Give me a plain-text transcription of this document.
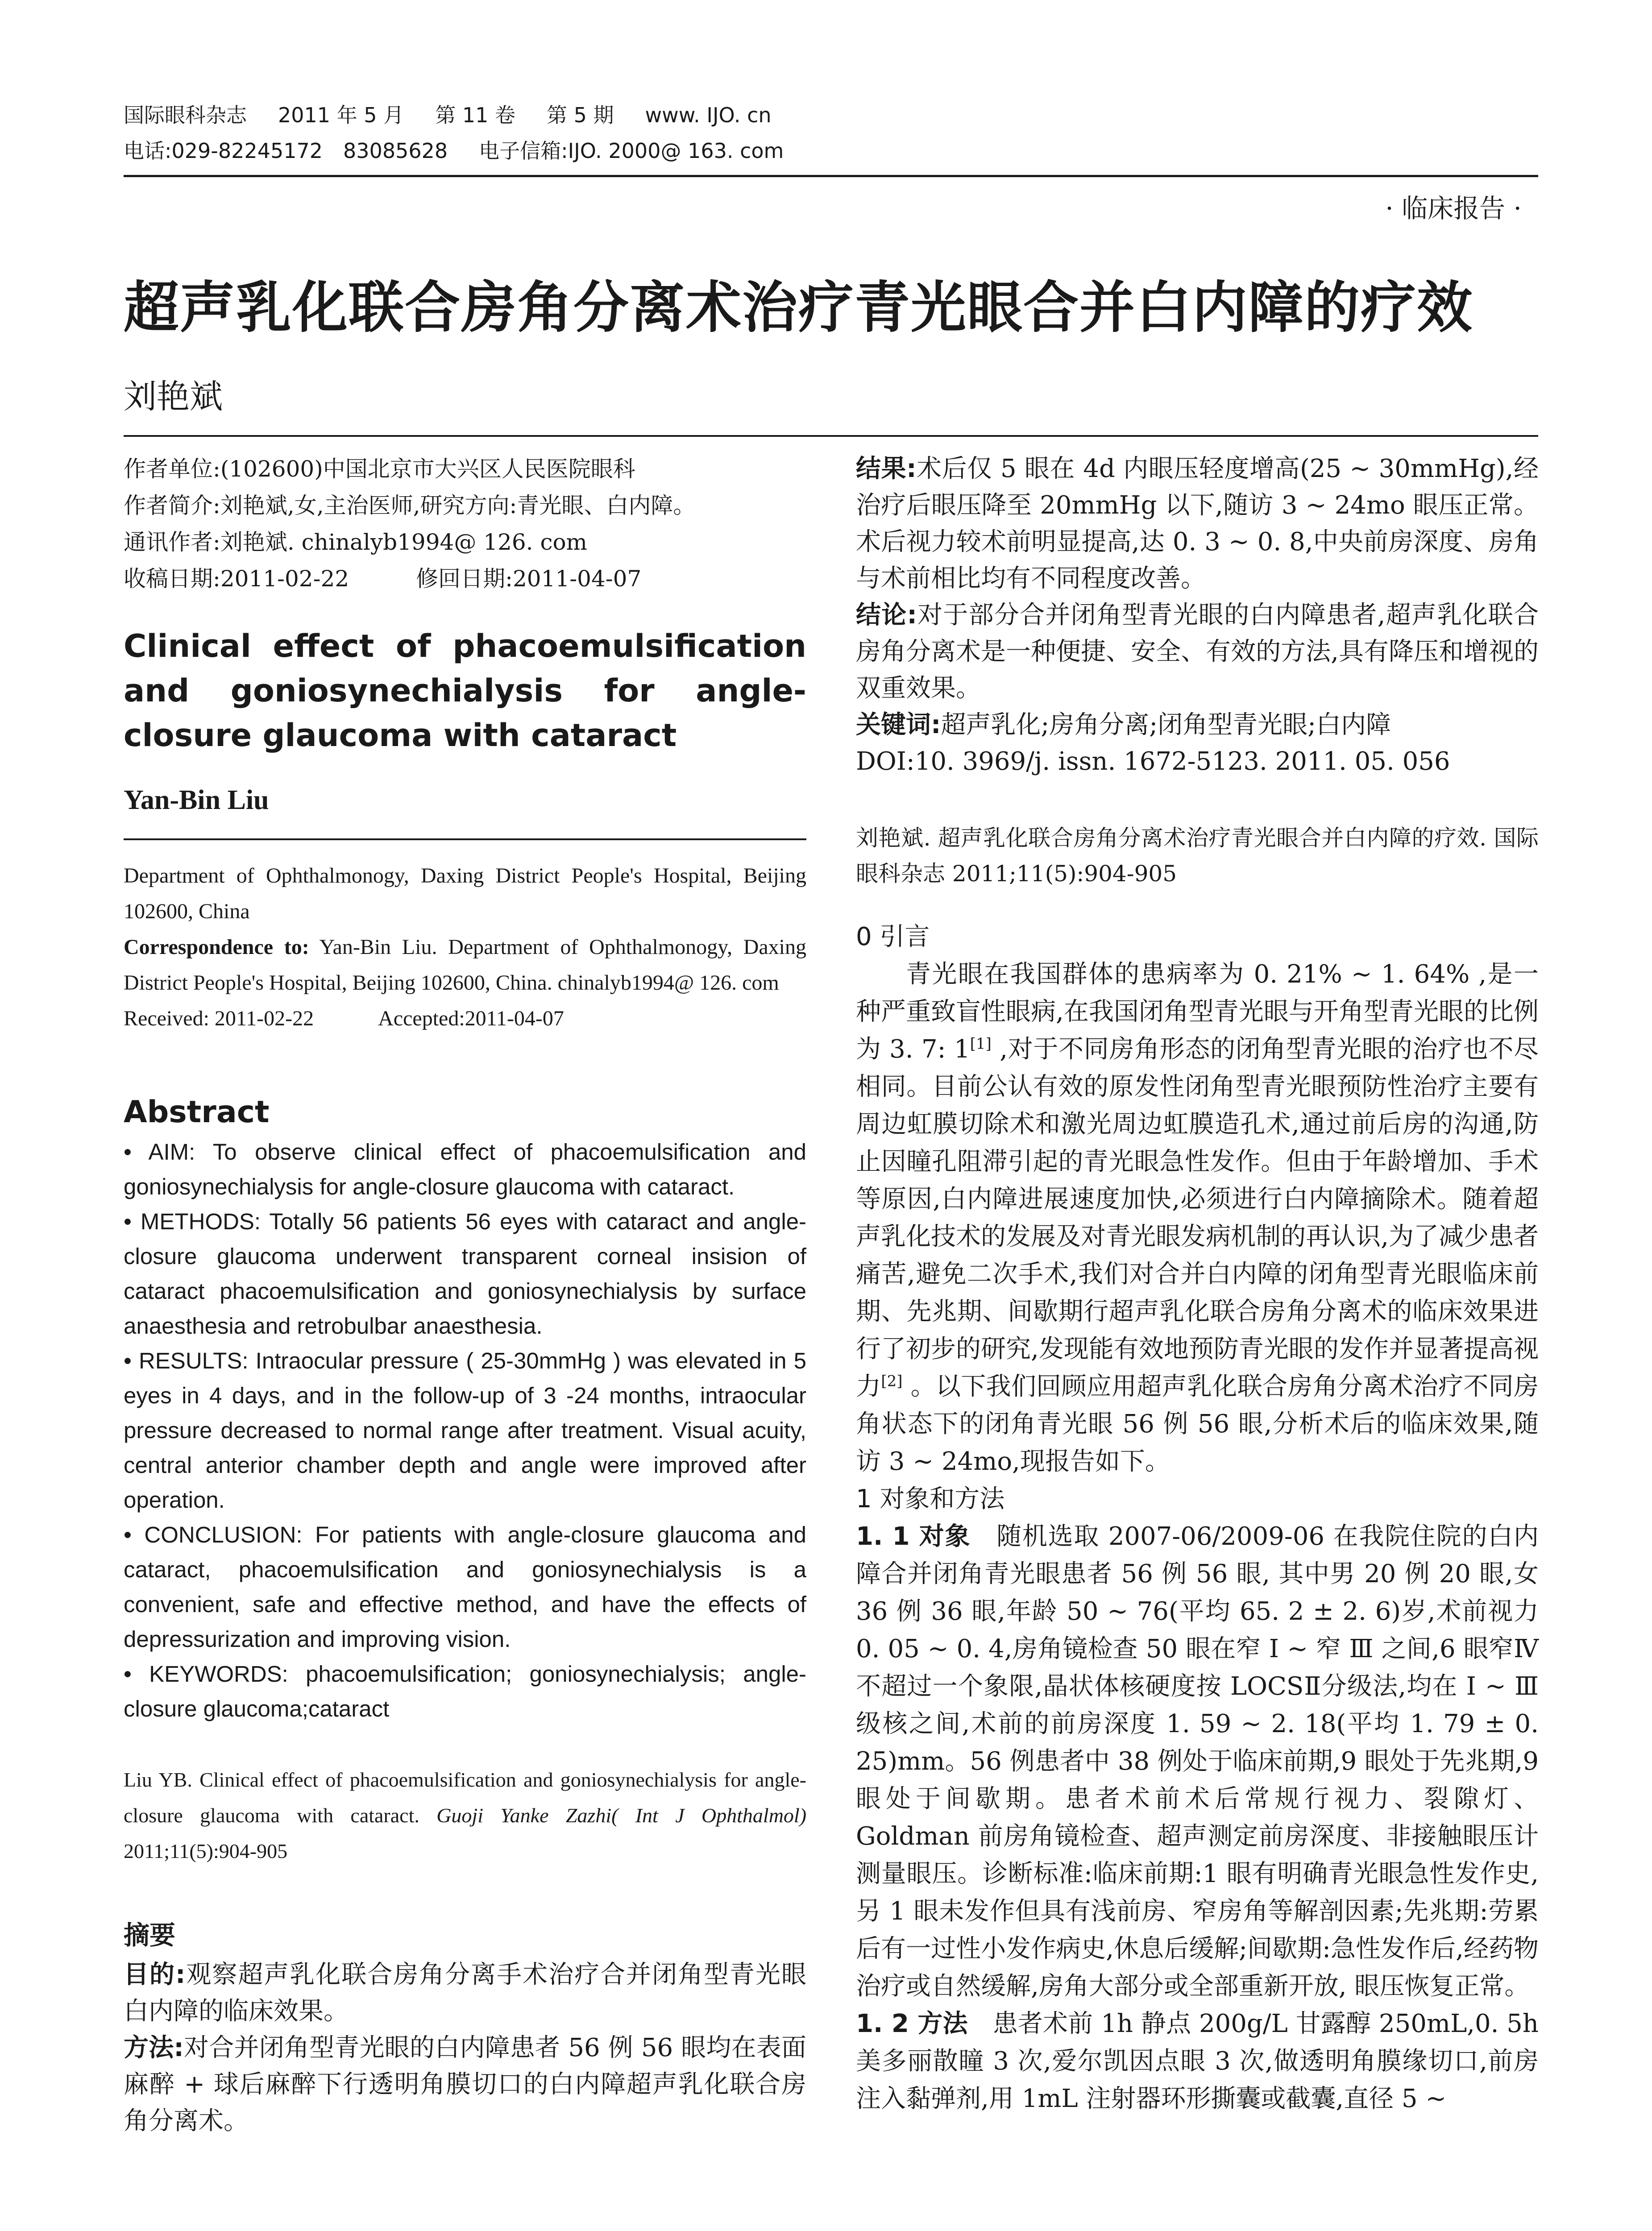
国际眼科杂志 2011 年 5 月 第 11 卷 第 5 期 www. IJO. cn
电话:029-82245172　83085628 电子信箱:IJO. 2000@ 163. com
· 临床报告 ·
超声乳化联合房角分离术治疗青光眼合并白内障的疗效
刘艳斌
作者单位:(102600)中国北京市大兴区人民医院眼科
作者简介:刘艳斌,女,主治医师,研究方向:青光眼、白内障。
通讯作者:刘艳斌. chinalyb1994@ 126. com
收稿日期:2011-02-22　　　	修回日期:2011-04-07
Clinical effect of phacoemulsification and goniosynechialysis for angle-closure glaucoma with cataract
Yan-Bin Liu
Department of Ophthalmonogy, Daxing District People's Hospital, Beijing 102600, China
Correspondence to: Yan-Bin Liu. Department of Ophthalmonogy, Daxing District People's Hospital, Beijing 102600, China. chinalyb1994@ 126. com
Received: 2011-02-22　　　	Accepted:2011-04-07
Abstract
• AIM: To observe clinical effect of phacoemulsification and goniosynechialysis for angle-closure glaucoma with cataract.
• METHODS: Totally 56 patients 56 eyes with cataract and angle-closure glaucoma underwent transparent corneal insision of cataract phacoemulsification and goniosynechialysis by surface anaesthesia and retrobulbar anaesthesia.
• RESULTS: Intraocular pressure ( 25-30mmHg ) was elevated in 5 eyes in 4 days, and in the follow-up of 3 -24 months, intraocular pressure decreased to normal range after treatment. Visual acuity, central anterior chamber depth and angle were improved after operation.
• CONCLUSION: For patients with angle-closure glaucoma and cataract, phacoemulsification and goniosynechialysis is a convenient, safe and effective method, and have the effects of depressurization and improving vision.
• KEYWORDS: phacoemulsification; goniosynechialysis; angle-closure glaucoma;cataract
Liu YB. Clinical effect of phacoemulsification and goniosynechialysis for angle-closure glaucoma with cataract. Guoji Yanke Zazhi( Int J Ophthalmol) 2011;11(5):904-905
摘要
目的:观察超声乳化联合房角分离手术治疗合并闭角型青光眼白内障的临床效果。
方法:对合并闭角型青光眼的白内障患者 56 例 56 眼均在表面麻醉 + 球后麻醉下行透明角膜切口的白内障超声乳化联合房角分离术。
结果:术后仅 5 眼在 4d 内眼压轻度增高(25 ~ 30mmHg),经治疗后眼压降至 20mmHg 以下,随访 3 ~ 24mo 眼压正常。术后视力较术前明显提高,达 0. 3 ~ 0. 8,中央前房深度、房角与术前相比均有不同程度改善。
结论:对于部分合并闭角型青光眼的白内障患者,超声乳化联合房角分离术是一种便捷、安全、有效的方法,具有降压和增视的双重效果。
关键词:超声乳化;房角分离;闭角型青光眼;白内障
DOI:10. 3969/j. issn. 1672-5123. 2011. 05. 056
刘艳斌. 超声乳化联合房角分离术治疗青光眼合并白内障的疗效. 国际眼科杂志 2011;11(5):904-905
0 引言
青光眼在我国群体的患病率为 0. 21% ~ 1. 64% ,是一种严重致盲性眼病,在我国闭角型青光眼与开角型青光眼的比例为 3. 7: 1[1] ,对于不同房角形态的闭角型青光眼的治疗也不尽相同。目前公认有效的原发性闭角型青光眼预防性治疗主要有周边虹膜切除术和激光周边虹膜造孔术,通过前后房的沟通,防止因瞳孔阻滞引起的青光眼急性发作。但由于年龄增加、手术等原因,白内障进展速度加快,必须进行白内障摘除术。随着超声乳化技术的发展及对青光眼发病机制的再认识,为了减少患者痛苦,避免二次手术,我们对合并白内障的闭角型青光眼临床前期、先兆期、间歇期行超声乳化联合房角分离术的临床效果进行了初步的研究,发现能有效地预防青光眼的发作并显著提高视力[2] 。以下我们回顾应用超声乳化联合房角分离术治疗不同房角状态下的闭角青光眼 56 例 56 眼,分析术后的临床效果,随访 3 ~ 24mo,现报告如下。
1 对象和方法
1. 1 对象　随机选取 2007-06/2009-06 在我院住院的白内障合并闭角青光眼患者 56 例 56 眼, 其中男 20 例 20 眼,女 36 例 36 眼,年龄 50 ~ 76(平均 65. 2 ± 2. 6)岁,术前视力 0. 05 ~ 0. 4,房角镜检查 50 眼在窄 Ⅰ ~ 窄 Ⅲ 之间,6 眼窄Ⅳ不超过一个象限,晶状体核硬度按 LOCSⅡ分级法,均在 Ⅰ ~ Ⅲ 级核之间,术前的前房深度 1. 59 ~ 2. 18(平均 1. 79 ± 0. 25)mm。56 例患者中 38 例处于临床前期,9 眼处于先兆期,9 眼处于间歇期。患者术前术后常规行视力、裂隙灯、Goldman 前房角镜检查、超声测定前房深度、非接触眼压计测量眼压。诊断标准:临床前期:1 眼有明确青光眼急性发作史, 另 1 眼未发作但具有浅前房、窄房角等解剖因素;先兆期:劳累后有一过性小发作病史,休息后缓解;间歇期:急性发作后,经药物治疗或自然缓解,房角大部分或全部重新开放, 眼压恢复正常。
1. 2 方法　患者术前 1h 静点 200g/L 甘露醇 250mL,0. 5h 美多丽散瞳 3 次,爱尔凯因点眼 3 次,做透明角膜缘切口,前房注入黏弹剂,用 1mL 注射器环形撕囊或截囊,直径 5 ~
